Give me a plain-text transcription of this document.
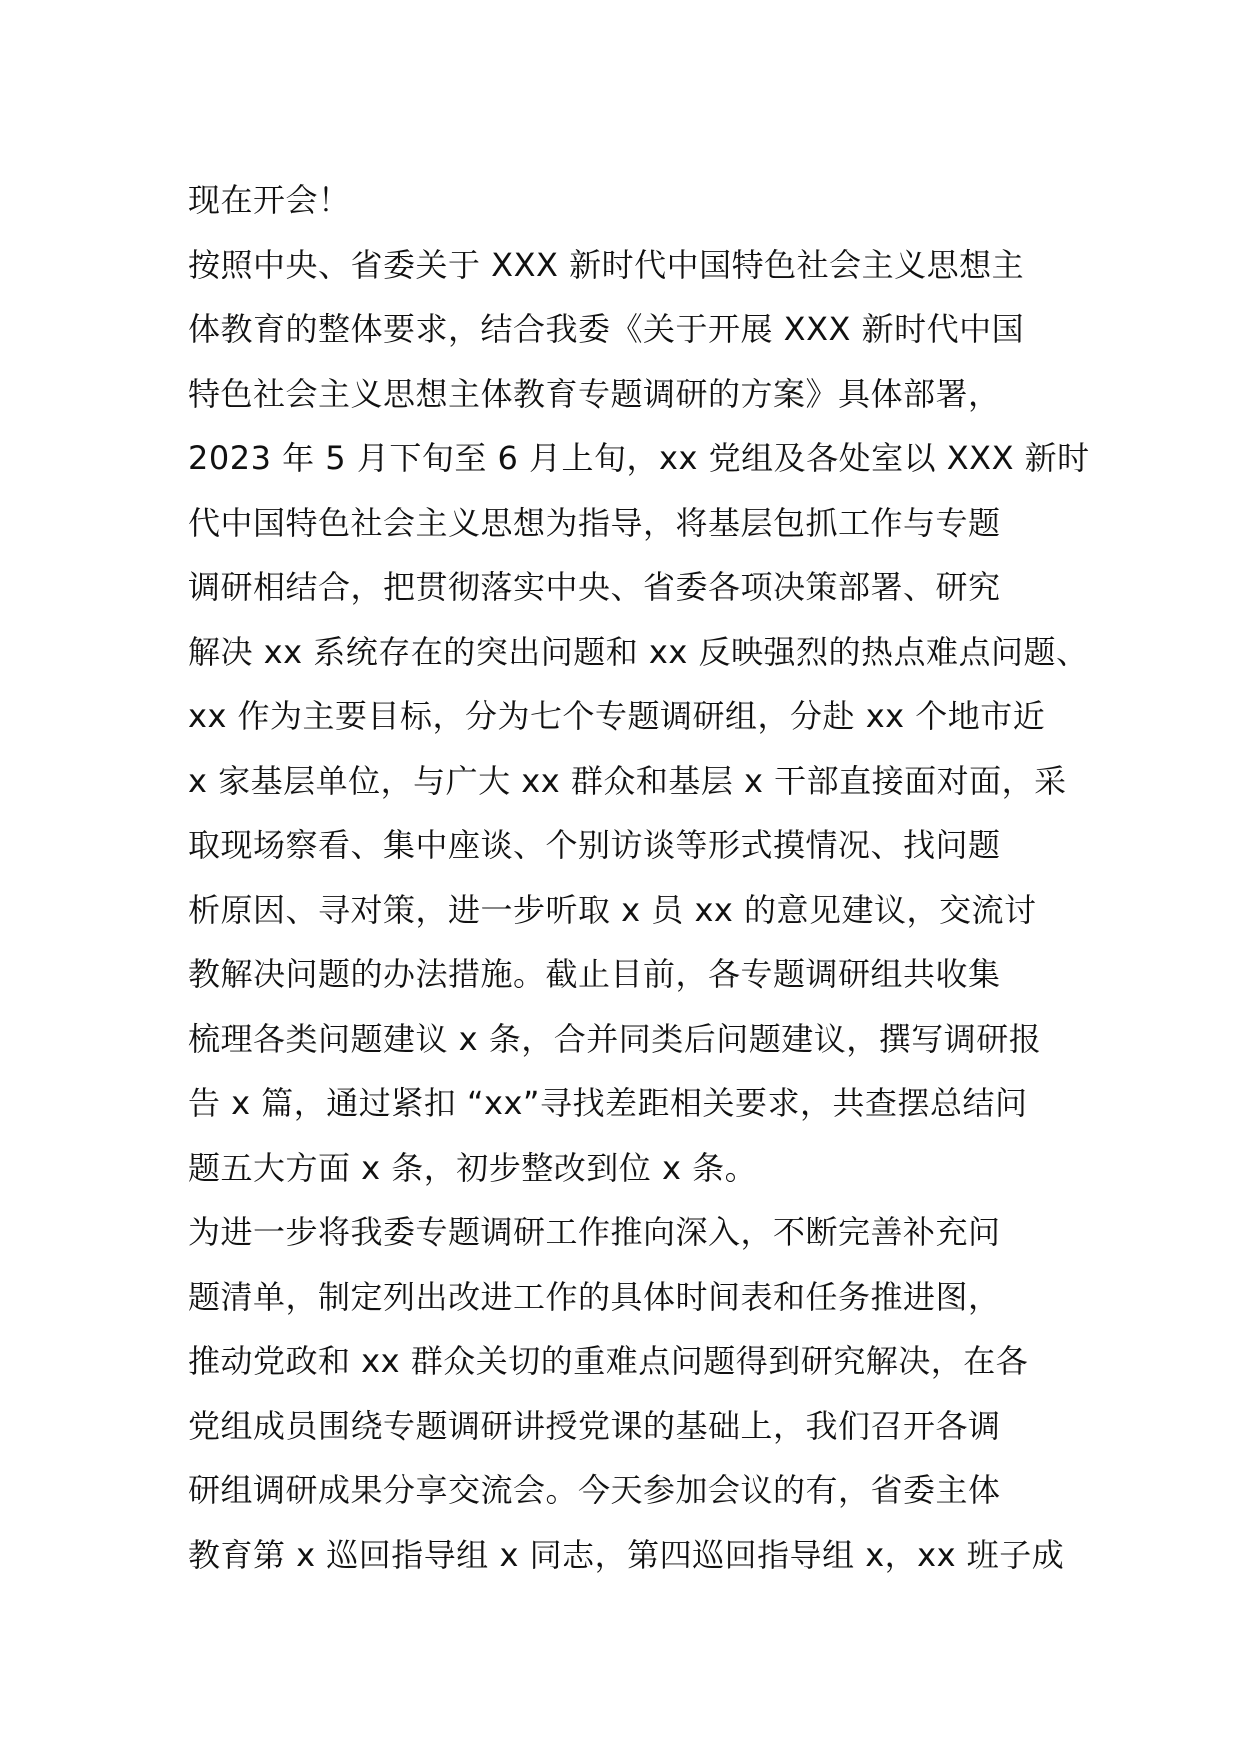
现在开会！
按照中央、省委关于 XXX 新时代中国特色社会主义思想主
体教育的整体要求，结合我委《关于开展 XXX 新时代中国
特色社会主义思想主体教育专题调研的方案》具体部署，
2023 年 5 月下旬至 6 月上旬，xx 党组及各处室以 XXX 新时
代中国特色社会主义思想为指导，将基层包抓工作与专题
调研相结合，把贯彻落实中央、省委各项决策部署、研究
解决 xx 系统存在的突出问题和 xx 反映强烈的热点难点问题、
xx 作为主要目标，分为七个专题调研组，分赴 xx 个地市近
x 家基层单位，与广大 xx 群众和基层 x 干部直接面对面，采
取现场察看、集中座谈、个别访谈等形式摸情况、找问题
析原因、寻对策，进一步听取 x 员 xx 的意见建议，交流讨
教解决问题的办法措施。截止目前，各专题调研组共收集
梳理各类问题建议 x 条，合并同类后问题建议，撰写调研报
告 x 篇，通过紧扣 “xx”寻找差距相关要求，共查摆总结问
题五大方面 x 条，初步整改到位 x 条。
为进一步将我委专题调研工作推向深入，不断完善补充问
题清单，制定列出改进工作的具体时间表和任务推进图，
推动党政和 xx 群众关切的重难点问题得到研究解决，在各
党组成员围绕专题调研讲授党课的基础上，我们召开各调
研组调研成果分享交流会。今天参加会议的有，省委主体
教育第 x 巡回指导组 x 同志，第四巡回指导组 x，xx 班子成
